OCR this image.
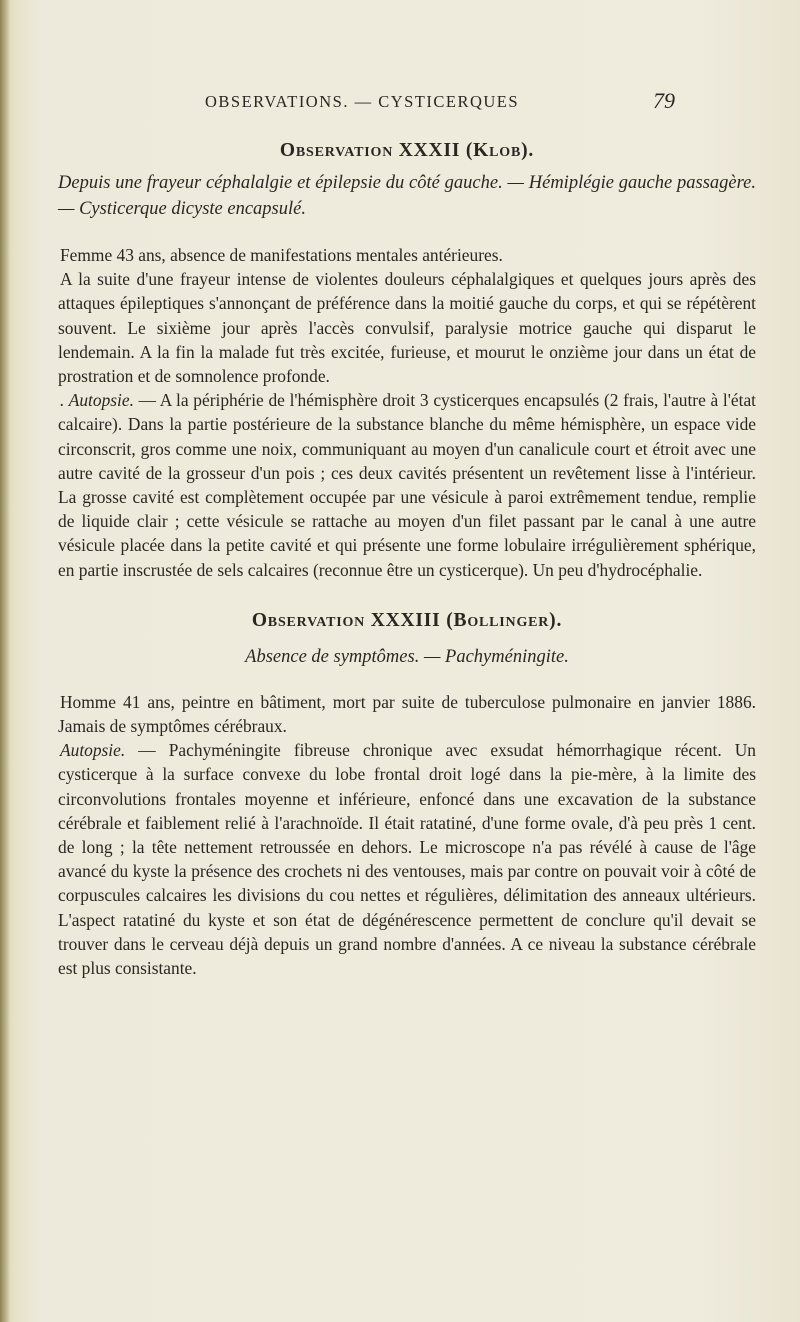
OBSERVATIONS. — CYSTICERQUES	79
Observation XXXII (Klob).

Depuis une frayeur céphalalgie et épilepsie du côté gauche. — Hémiplégie gauche passagère. — Cysticerque dicyste encapsulé.

Femme 43 ans, absence de manifestations mentales antérieures.

A la suite d'une frayeur intense de violentes douleurs céphalalgiques et quelques jours après des attaques épileptiques s'annonçant de préférence dans la moitié gauche du corps, et qui se répétèrent souvent. Le sixième jour après l'accès convulsif, paralysie motrice gauche qui disparut le lendemain. A la fin la malade fut très excitée, furieuse, et mourut le onzième jour dans un état de prostration et de somnolence profonde.

. Autopsie. — A la périphérie de l'hémisphère droit 3 cysticerques encapsulés (2 frais, l'autre à l'état calcaire). Dans la partie postérieure de la substance blanche du même hémisphère, un espace vide circonscrit, gros comme une noix, communiquant au moyen d'un canalicule court et étroit avec une autre cavité de la grosseur d'un pois ; ces deux cavités présentent un revêtement lisse à l'intérieur. La grosse cavité est complètement occupée par une vésicule à paroi extrêmement tendue, remplie de liquide clair ; cette vésicule se rattache au moyen d'un filet passant par le canal à une autre vésicule placée dans la petite cavité et qui présente une forme lobulaire irrégulièrement sphérique, en partie inscrustée de sels calcaires (reconnue être un cysticerque). Un peu d'hydrocéphalie.

Observation XXXIII (Bollinger).

Absence de symptômes. — Pachyméningite.

Homme 41 ans, peintre en bâtiment, mort par suite de tuberculose pulmonaire en janvier 1886. Jamais de symptômes cérébraux.

Autopsie. — Pachyméningite fibreuse chronique avec exsudat hémorrhagique récent. Un cysticerque à la surface convexe du lobe frontal droit logé dans la pie-mère, à la limite des circonvolutions frontales moyenne et inférieure, enfoncé dans une excavation de la substance cérébrale et faiblement relié à l'arachnoïde. Il était ratatiné, d'une forme ovale, d'à peu près 1 cent. de long ; la tête nettement retroussée en dehors. Le microscope n'a pas révélé à cause de l'âge avancé du kyste la présence des crochets ni des ventouses, mais par contre on pouvait voir à côté de corpuscules calcaires les divisions du cou nettes et régulières, délimitation des anneaux ultérieurs. L'aspect ratatiné du kyste et son état de dégénérescence permettent de conclure qu'il devait se trouver dans le cerveau déjà depuis un grand nombre d'années. A ce niveau la substance cérébrale est plus consistante.
